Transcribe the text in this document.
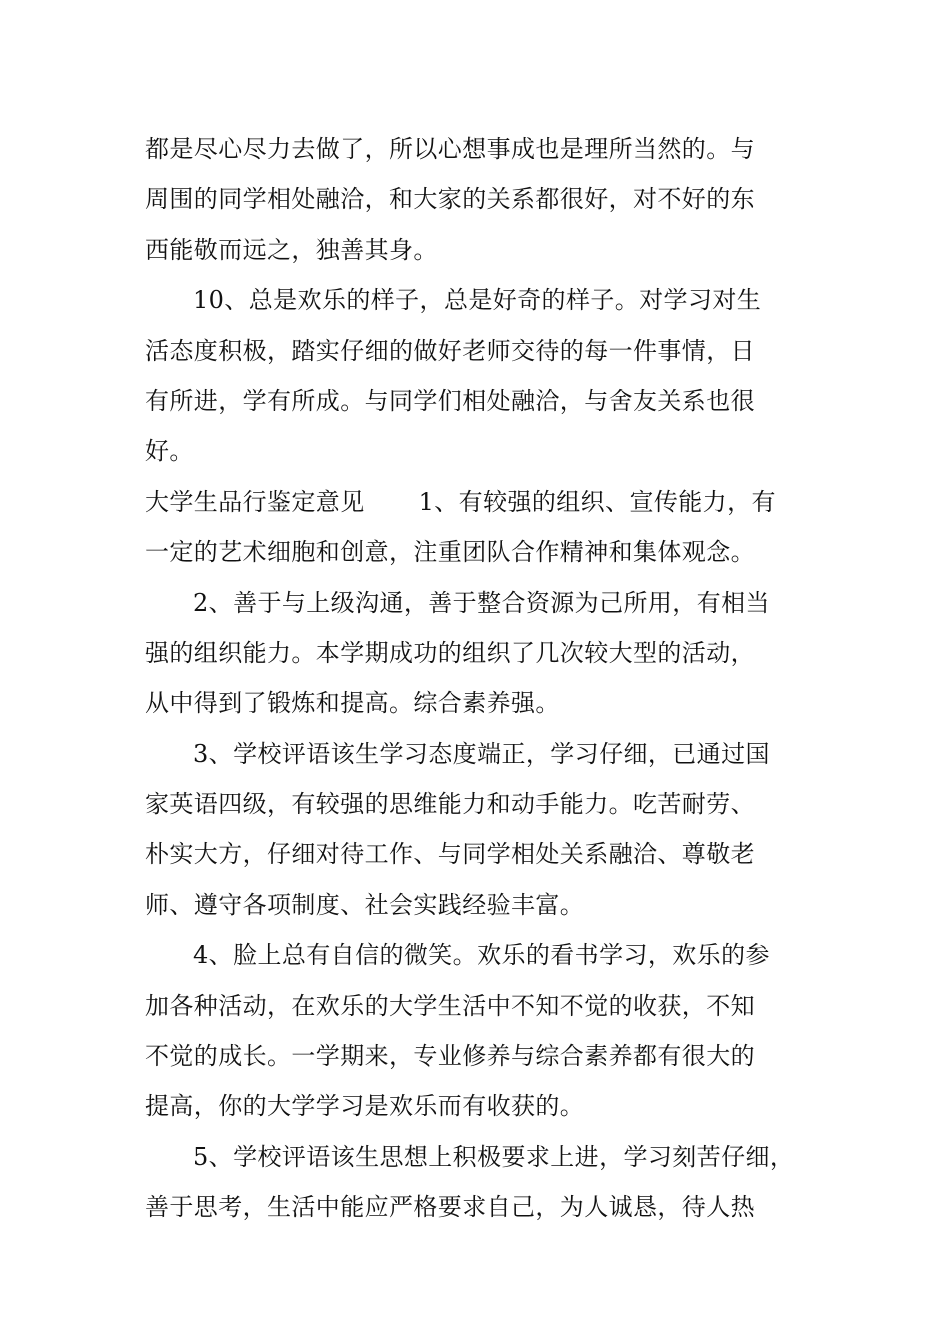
都是尽心尽力去做了，所以心想事成也是理所当然的。与
周围的同学相处融洽，和大家的关系都很好，对不好的东
西能敬而远之，独善其身。
10、总是欢乐的样子，总是好奇的样子。对学习对生
活态度积极，踏实仔细的做好老师交待的每一件事情，日
有所进，学有所成。与同学们相处融洽，与舍友关系也很
好。
大学生品行鉴定意见 1、有较强的组织、宣传能力，有
一定的艺术细胞和创意，注重团队合作精神和集体观念。
2、善于与上级沟通，善于整合资源为己所用，有相当
强的组织能力。本学期成功的组织了几次较大型的活动，
从中得到了锻炼和提高。综合素养强。
3、学校评语该生学习态度端正，学习仔细，已通过国
家英语四级，有较强的思维能力和动手能力。吃苦耐劳、
朴实大方，仔细对待工作、与同学相处关系融洽、尊敬老
师、遵守各项制度、社会实践经验丰富。
4、脸上总有自信的微笑。欢乐的看书学习，欢乐的参
加各种活动，在欢乐的大学生活中不知不觉的收获，不知
不觉的成长。一学期来，专业修养与综合素养都有很大的
提高，你的大学学习是欢乐而有收获的。
5、学校评语该生思想上积极要求上进，学习刻苦仔细，
善于思考，生活中能应严格要求自己，为人诚恳，待人热
